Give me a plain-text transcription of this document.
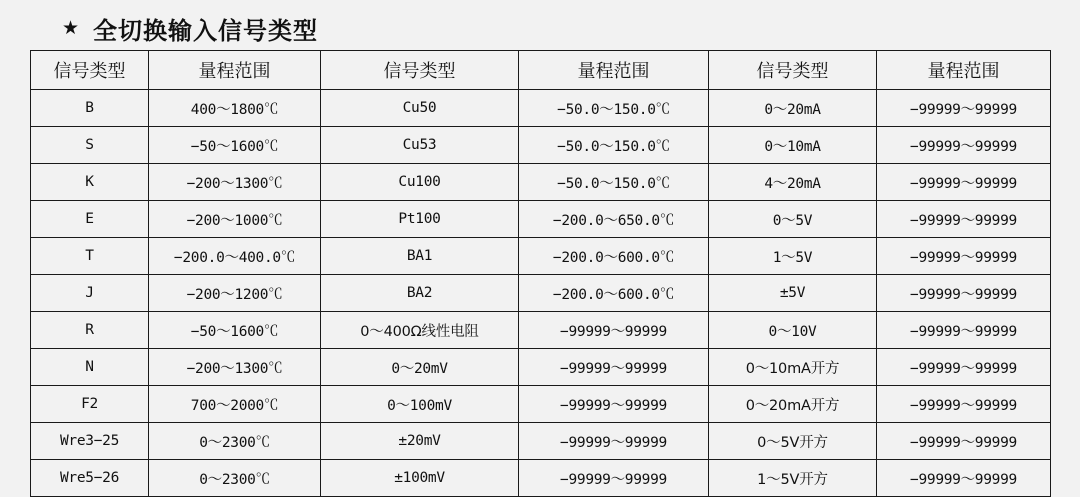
★ 全切换输入信号类型
信号类型	量程范围	信号类型	量程范围	信号类型	量程范围
B	400～1800℃	Cu50	−50.0～150.0℃	0～20mA	−99999～99999
S	−50～1600℃	Cu53	−50.0～150.0℃	0～10mA	−99999～99999
K	−200～1300℃	Cu100	−50.0～150.0℃	4～20mA	−99999～99999
E	−200～1000℃	Pt100	−200.0～650.0℃	0～5V	−99999～99999
T	−200.0～400.0℃	BA1	−200.0～600.0℃	1～5V	−99999～99999
J	−200～1200℃	BA2	−200.0～600.0℃	±5V	−99999～99999
R	−50～1600℃	0～400Ω线性电阻	−99999～99999	0～10V	−99999～99999
N	−200～1300℃	0～20mV	−99999～99999	0～10mA开方	−99999～99999
F2	700～2000℃	0～100mV	−99999～99999	0～20mA开方	−99999～99999
Wre3−25	0～2300℃	±20mV	−99999～99999	0～5V开方	−99999～99999
Wre5−26	0～2300℃	±100mV	−99999～99999	1～5V开方	−99999～99999
